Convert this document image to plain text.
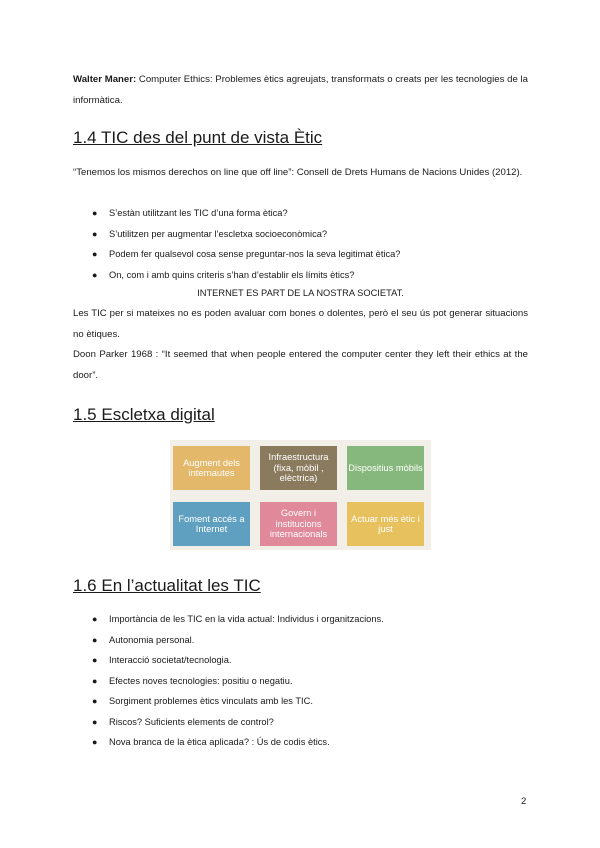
Walter Maner: Computer Ethics: Problemes ètics agreujats, transformats o creats per les tecnologies de la informàtica.
1.4 TIC des del punt de vista Ètic
“Tenemos los mismos derechos on line que off line”: Consell de Drets Humans de Nacions Unides (2012).
● S’estàn utilitzant les TIC d’una forma ètica?
● S’utilitzen per augmentar l’escletxa socioeconòmica?
● Podem fer qualsevol cosa sense preguntar-nos la seva legitimat ètica?
● On, com i amb quins criteris s’han d’establir els límits ètics?
INTERNET ES PART DE LA NOSTRA SOCIETAT.
Les TIC per si mateixes no es poden avaluar com bones o dolentes, però el seu ús pot generar situacions no ètiques.
Doon Parker 1968 : “It seemed that when people entered the computer center they left their ethics at the door”.
1.5 Escletxa digital
Augment dels internautes
Infraestructura (fixa, mòbil , elèctrica)
Dispositius mòbils
Foment accés a Internet
Govern i institucions internacionals
Actuar més ètic i just
1.6 En l’actualitat les TIC
● Importància de les TIC en la vida actual: Individus i organitzacions.
● Autonomia personal.
● Interacció societat/tecnologia.
● Efectes noves tecnologies: positiu o negatiu.
● Sorgiment problemes ètics vinculats amb les TIC.
● Riscos? Suficients elements de control?
● Nova branca de la ètica aplicada? : Ús de codis ètics.
2
